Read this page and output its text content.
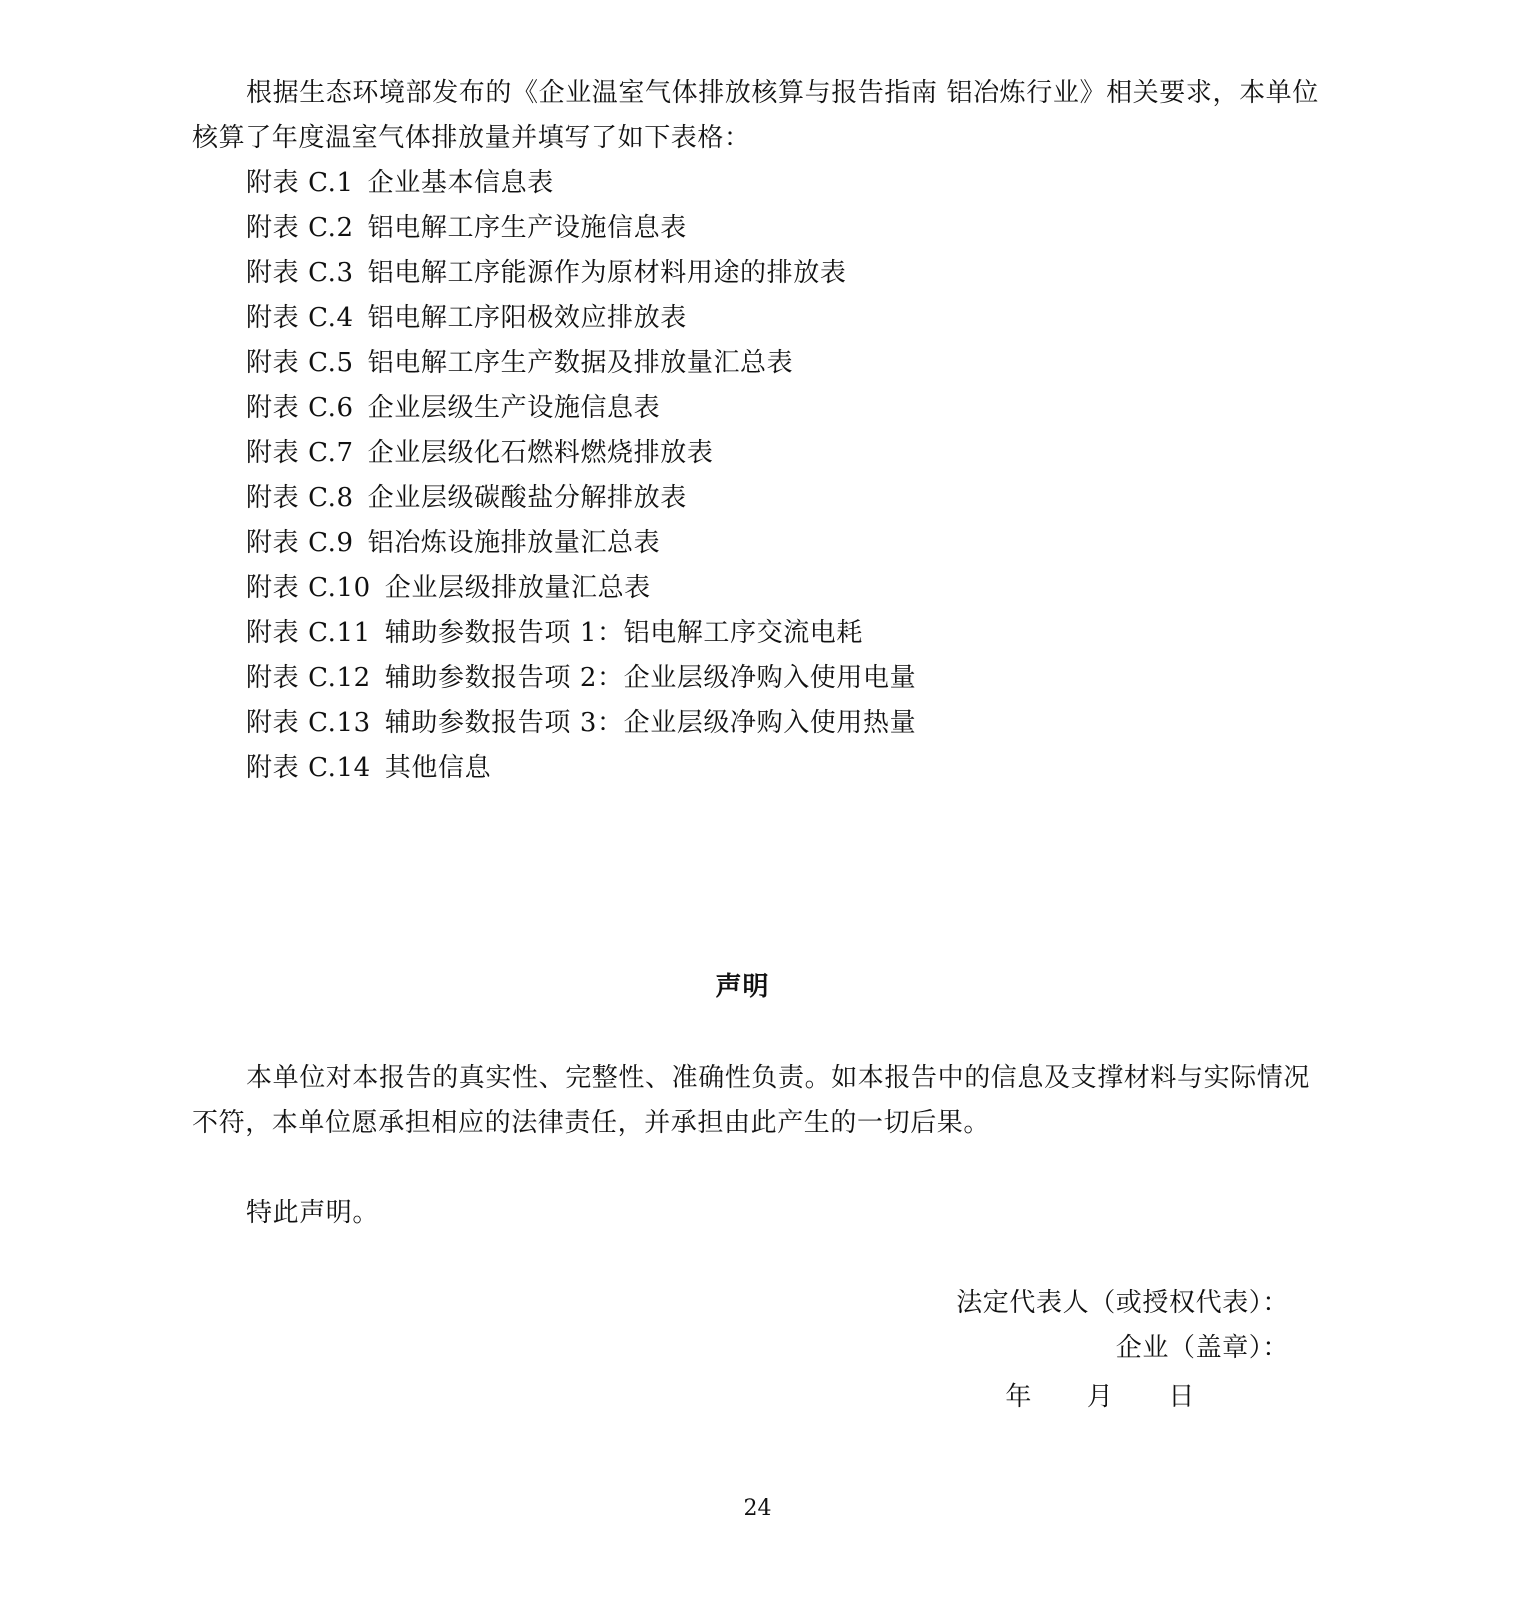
根据生态环境部发布的《企业温室气体排放核算与报告指南 铝冶炼行业》相关要求，本单位
核算了年度温室气体排放量并填写了如下表格：
附表 C.1 企业基本信息表
附表 C.2 铝电解工序生产设施信息表
附表 C.3 铝电解工序能源作为原材料用途的排放表
附表 C.4 铝电解工序阳极效应排放表
附表 C.5 铝电解工序生产数据及排放量汇总表
附表 C.6 企业层级生产设施信息表
附表 C.7 企业层级化石燃料燃烧排放表
附表 C.8 企业层级碳酸盐分解排放表
附表 C.9 铝冶炼设施排放量汇总表
附表 C.10 企业层级排放量汇总表
附表 C.11 辅助参数报告项 1：铝电解工序交流电耗
附表 C.12 辅助参数报告项 2：企业层级净购入使用电量
附表 C.13 辅助参数报告项 3：企业层级净购入使用热量
附表 C.14 其他信息
声明
本单位对本报告的真实性、完整性、准确性负责。如本报告中的信息及支撑材料与实际情况
不符，本单位愿承担相应的法律责任，并承担由此产生的一切后果。
特此声明。
法定代表人（或授权代表）：
企业（盖章）：
年 月 日
24
